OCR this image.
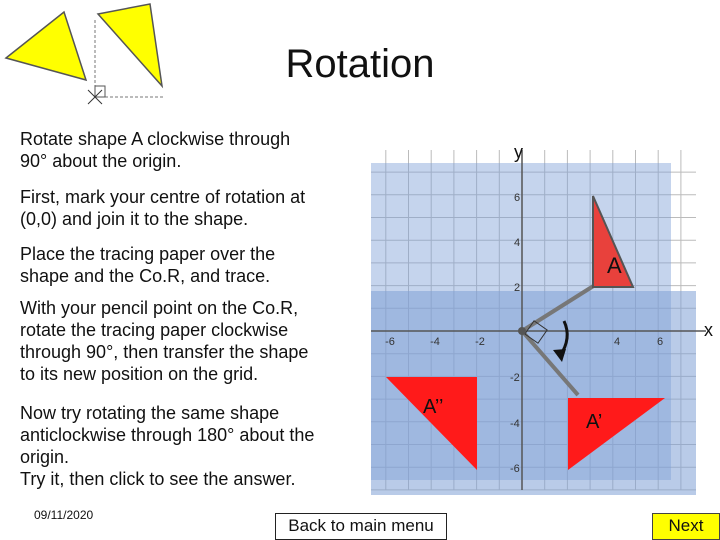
Rotation
Rotate shape A clockwise through
90° about the origin.
First, mark your centre of rotation at
(0,0) and join it to the shape.
Place the tracing paper over the
shape and the Co.R, and trace.
With your pencil point on the Co.R,
rotate the tracing paper clockwise
through 90°, then transfer the shape
to its new position on the grid.
Now try rotating the same shape
anticlockwise through 180° about the
origin.
Try it, then click to see the answer.
09/11/2020
A
A’
A’’
y
x
-6	-4	-2	4	6
6
4
2
-2
-4
-6
Back to main menu	Next
